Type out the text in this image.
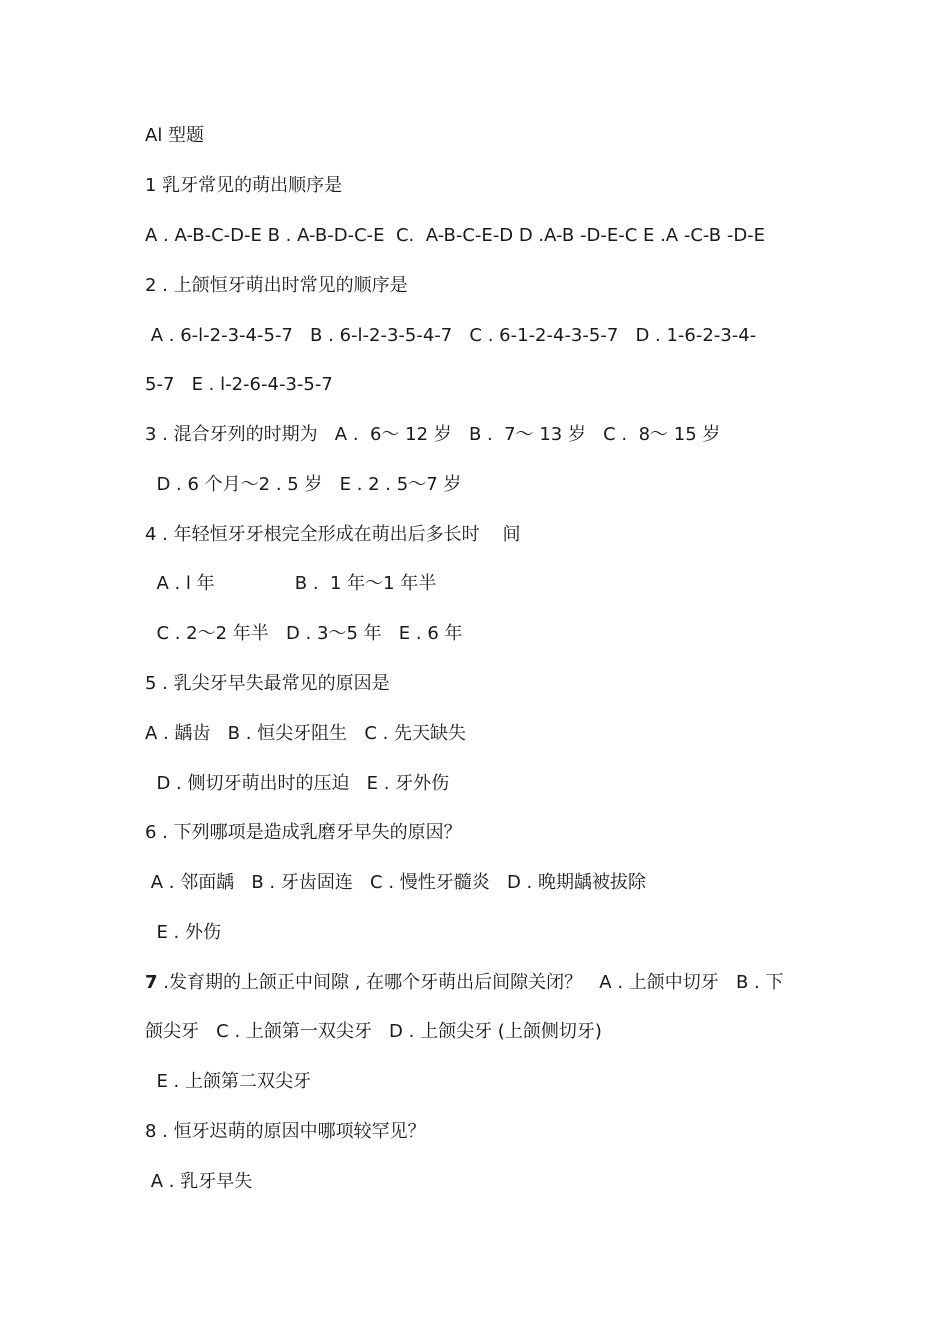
Al 型题
1 乳牙常见的萌出顺序是
A . A-B-C-D-E B . A-B-D-C-E  C.  A-B-C-E-D D .A-B -D-E-C E .A -C-B -D-E
2 . 上颌恒牙萌出时常见的顺序是
A . 6-l-2-3-4-5-7   B . 6-l-2-3-5-4-7   C . 6-1-2-4-3-5-7   D . 1-6-2-3-4-
5-7   E . l-2-6-4-3-5-7
3 . 混合牙列的时期为   A .  6～ 12 岁   B .  7～ 13 岁   C .  8～ 15 岁
D . 6 个月～2 . 5 岁   E . 2 . 5～7 岁
4 . 年轻恒牙牙根完全形成在萌出后多长时    间
A . l 年              B .  1 年～1 年半
C . 2～2 年半   D . 3～5 年   E . 6 年
5 . 乳尖牙早失最常见的原因是
A . 龋齿   B . 恒尖牙阻生   C . 先天缺失
D . 侧切牙萌出时的压迫   E . 牙外伤
6 . 下列哪项是造成乳磨牙早失的原因？
A . 邻面龋   B . 牙齿固连   C . 慢性牙髓炎   D . 晚期龋被拔除
E . 外伤
7 .发育期的上颌正中间隙 , 在哪个牙萌出后间隙关闭？   A . 上颌中切牙   B . 下
颌尖牙   C . 上颌第一双尖牙   D . 上颌尖牙 (上颌侧切牙)
E . 上颌第二双尖牙
8 . 恒牙迟萌的原因中哪项较罕见？
A . 乳牙早失
